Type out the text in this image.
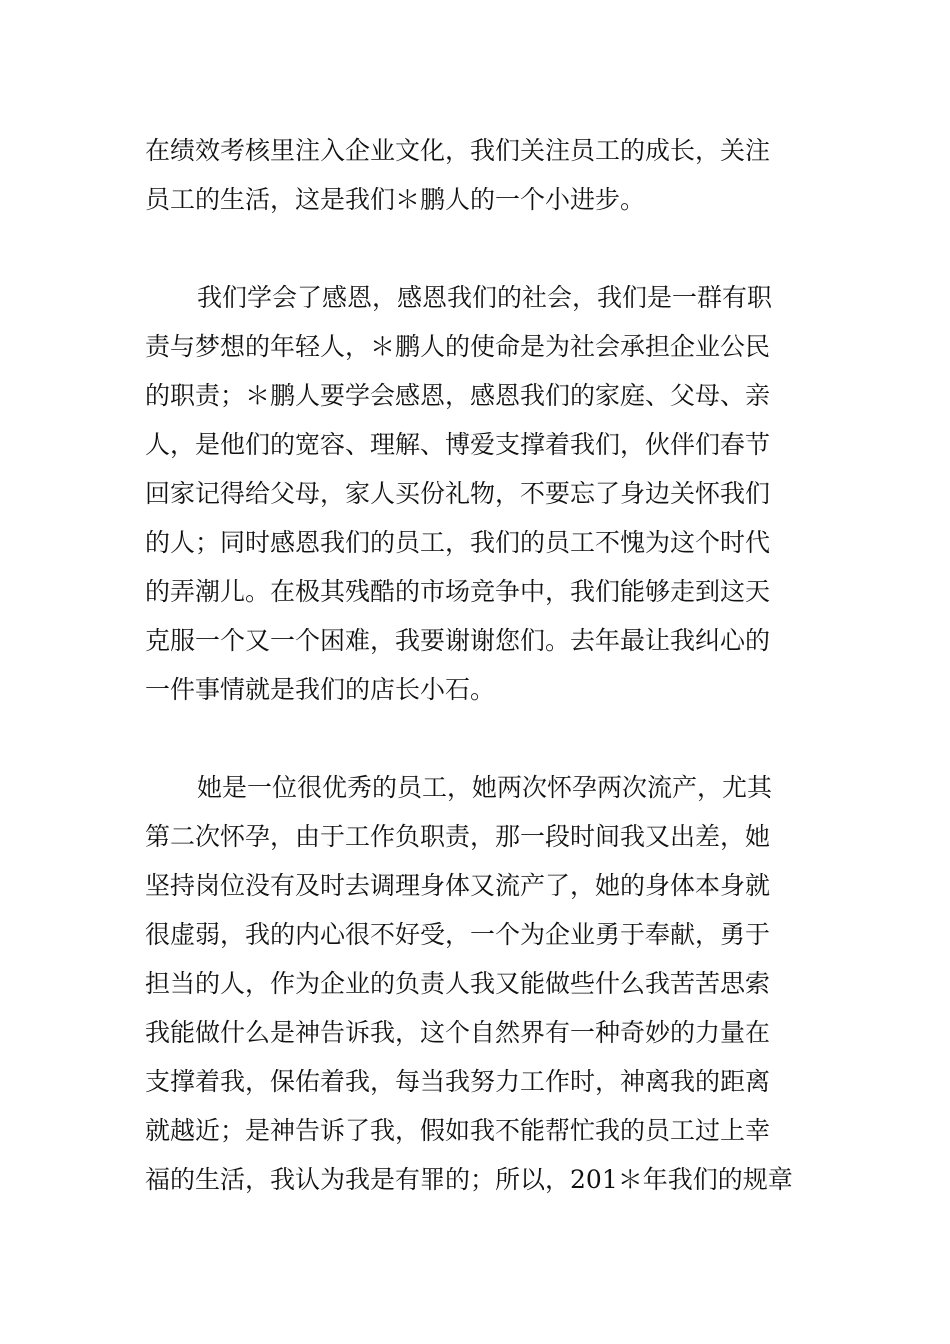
在绩效考核里注入企业文化，我们关注员工的成长，关注
员工的生活，这是我们＊鹏人的一个小进步。
我们学会了感恩，感恩我们的社会，我们是一群有职
责与梦想的年轻人，＊鹏人的使命是为社会承担企业公民
的职责；＊鹏人要学会感恩，感恩我们的家庭、父母、亲
人，是他们的宽容、理解、博爱支撑着我们，伙伴们春节
回家记得给父母，家人买份礼物，不要忘了身边关怀我们
的人；同时感恩我们的员工，我们的员工不愧为这个时代
的弄潮儿。在极其残酷的市场竞争中，我们能够走到这天
克服一个又一个困难，我要谢谢您们。去年最让我纠心的
一件事情就是我们的店长小石。
她是一位很优秀的员工，她两次怀孕两次流产，尤其
第二次怀孕，由于工作负职责，那一段时间我又出差，她
坚持岗位没有及时去调理身体又流产了，她的身体本身就
很虚弱，我的内心很不好受，一个为企业勇于奉献，勇于
担当的人，作为企业的负责人我又能做些什么我苦苦思索
我能做什么是神告诉我，这个自然界有一种奇妙的力量在
支撑着我，保佑着我，每当我努力工作时，神离我的距离
就越近；是神告诉了我，假如我不能帮忙我的员工过上幸
福的生活，我认为我是有罪的；所以，201＊年我们的规章
